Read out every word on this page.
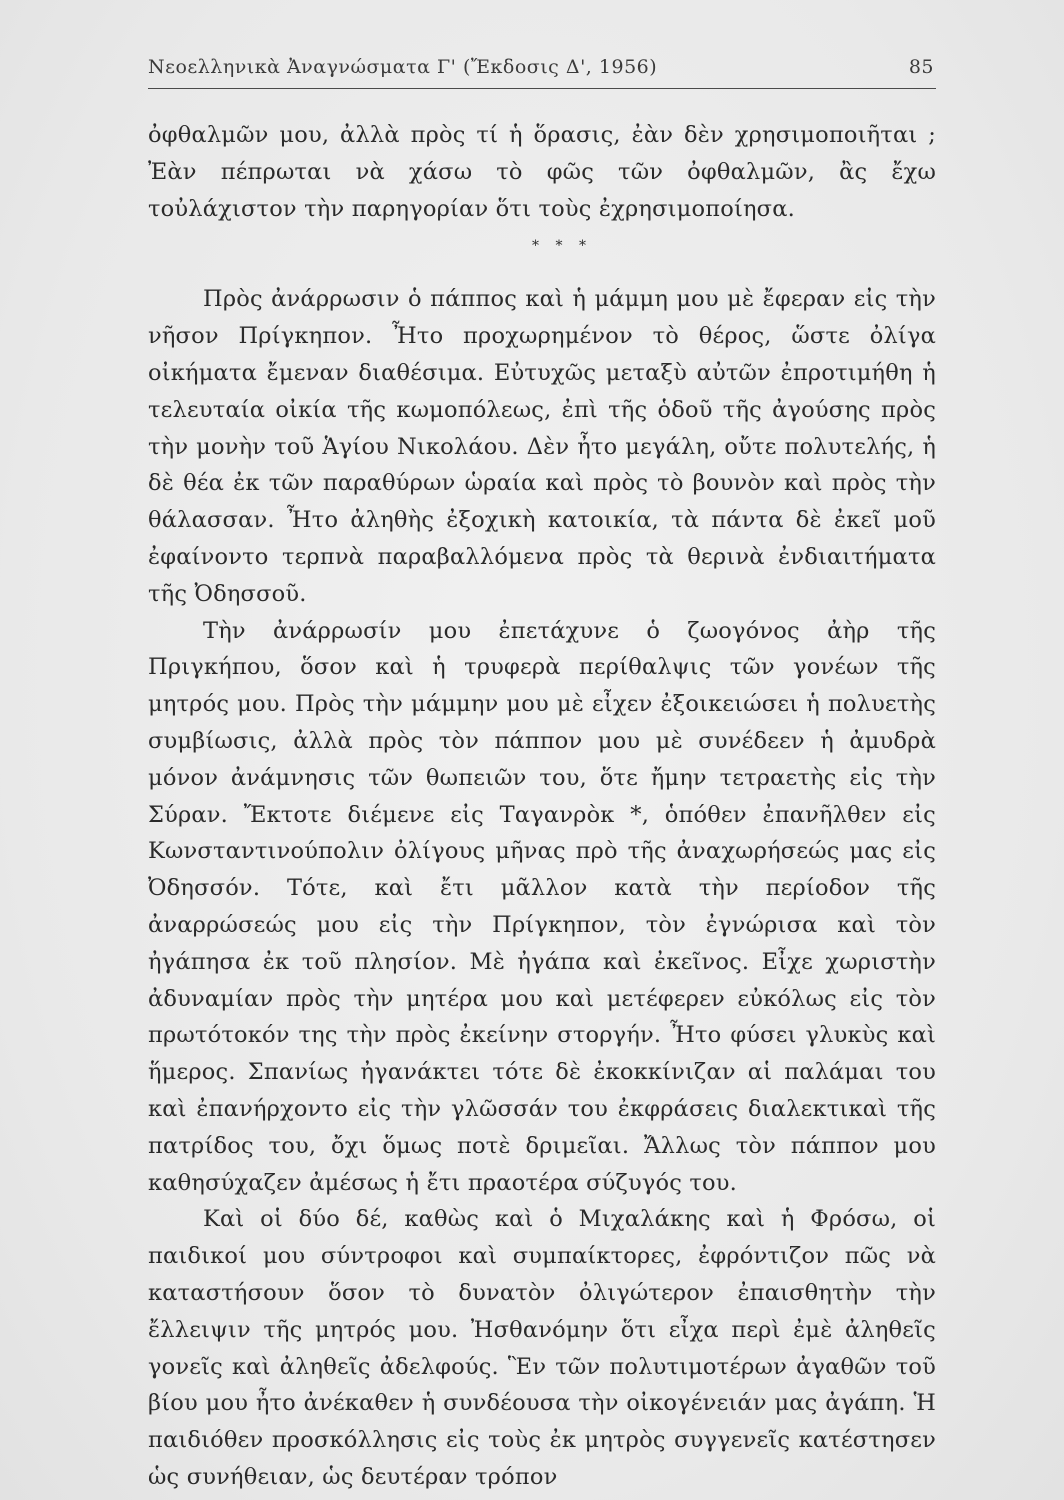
Νεοελληνικὰ Ἀναγνώσματα Γ' (Ἔκδοσις Δ', 1956)	85

ὀφθαλμῶν μου, ἀλλὰ πρὸς τί ἡ ὅρασις, ἐὰν δὲν χρησιμοποιῆται ; Ἐὰν πέπρωται νὰ χάσω τὸ φῶς τῶν ὀφθαλμῶν, ἂς ἔχω τοὐλάχιστον τὴν παρηγορίαν ὅτι τοὺς ἐχρησιμοποίησα.

* * *

Πρὸς ἀνάρρωσιν ὁ πάππος καὶ ἡ μάμμη μου μὲ ἔφεραν εἰς τὴν νῆσον Πρίγκηπον. Ἦτο προχωρημένον τὸ θέρος, ὥστε ὀλίγα οἰκήματα ἔμεναν διαθέσιμα. Εὐτυχῶς μεταξὺ αὐτῶν ἐπροτιμήθη ἡ τελευταία οἰκία τῆς κωμοπόλεως, ἐπὶ τῆς ὁδοῦ τῆς ἀγούσης πρὸς τὴν μονὴν τοῦ Ἁγίου Νικολάου. Δὲν ἦτο μεγάλη, οὔτε πολυτελής, ἡ δὲ θέα ἐκ τῶν παραθύρων ὡραία καὶ πρὸς τὸ βουνὸν καὶ πρὸς τὴν θάλασσαν. Ἦτο ἀληθὴς ἐξοχικὴ κατοικία, τὰ πάντα δὲ ἐκεῖ μοῦ ἐφαίνοντο τερπνὰ παραβαλλόμενα πρὸς τὰ θερινὰ ἐνδιαιτήματα τῆς Ὀδησσοῦ.

Τὴν ἀνάρρωσίν μου ἐπετάχυνε ὁ ζωογόνος ἀὴρ τῆς Πριγκήπου, ὅσον καὶ ἡ τρυφερὰ περίθαλψις τῶν γονέων τῆς μητρός μου. Πρὸς τὴν μάμμην μου μὲ εἶχεν ἐξοικειώσει ἡ πολυετὴς συμβίωσις, ἀλλὰ πρὸς τὸν πάππον μου μὲ συνέδεεν ἡ ἀμυδρὰ μόνον ἀνάμνησις τῶν θωπειῶν του, ὅτε ἤμην τετραετὴς εἰς τὴν Σύραν. Ἔκτοτε διέμενε εἰς Ταγανρὸκ *, ὁπόθεν ἐπανῆλθεν εἰς Κωνσταντινούπολιν ὀλίγους μῆνας πρὸ τῆς ἀναχωρήσεώς μας εἰς Ὀδησσόν. Τότε, καὶ ἔτι μᾶλλον κατὰ τὴν περίοδον τῆς ἀναρρώσεώς μου εἰς τὴν Πρίγκηπον, τὸν ἐγνώρισα καὶ τὸν ἠγάπησα ἐκ τοῦ πλησίον. Μὲ ἠγάπα καὶ ἐκεῖνος. Εἶχε χωριστὴν ἀδυναμίαν πρὸς τὴν μητέρα μου καὶ μετέφερεν εὐκόλως εἰς τὸν πρωτότοκόν της τὴν πρὸς ἐκείνην στοργήν. Ἦτο φύσει γλυκὺς καὶ ἥμερος. Σπανίως ἠγανάκτει τότε δὲ ἐκοκκίνιζαν αἱ παλάμαι του καὶ ἐπανήρχοντο εἰς τὴν γλῶσσάν του ἐκφράσεις διαλεκτικαὶ τῆς πατρίδος του, ὄχι ὅμως ποτὲ δριμεῖαι. Ἄλλως τὸν πάππον μου καθησύχαζεν ἀμέσως ἡ ἔτι πραοτέρα σύζυγός του.

Καὶ οἱ δύο δέ, καθὼς καὶ ὁ Μιχαλάκης καὶ ἡ Φρόσω, οἱ παιδικοί μου σύντροφοι καὶ συμπαίκτορες, ἐφρόντιζον πῶς νὰ καταστήσουν ὅσον τὸ δυνατὸν ὀλιγώτερον ἐπαισθητὴν τὴν ἔλλειψιν τῆς μητρός μου. Ἠσθανόμην ὅτι εἶχα περὶ ἐμὲ ἀληθεῖς γονεῖς καὶ ἀληθεῖς ἀδελφούς. Ἓν τῶν πολυτιμοτέρων ἀγαθῶν τοῦ βίου μου ἦτο ἀνέκαθεν ἡ συνδέουσα τὴν οἰκογένειάν μας ἀγάπη. Ἡ παιδιόθεν προσκόλλησις εἰς τοὺς ἐκ μητρὸς συγγενεῖς κατέστησεν ὡς συνήθειαν, ὡς δευτέραν τρόπον
